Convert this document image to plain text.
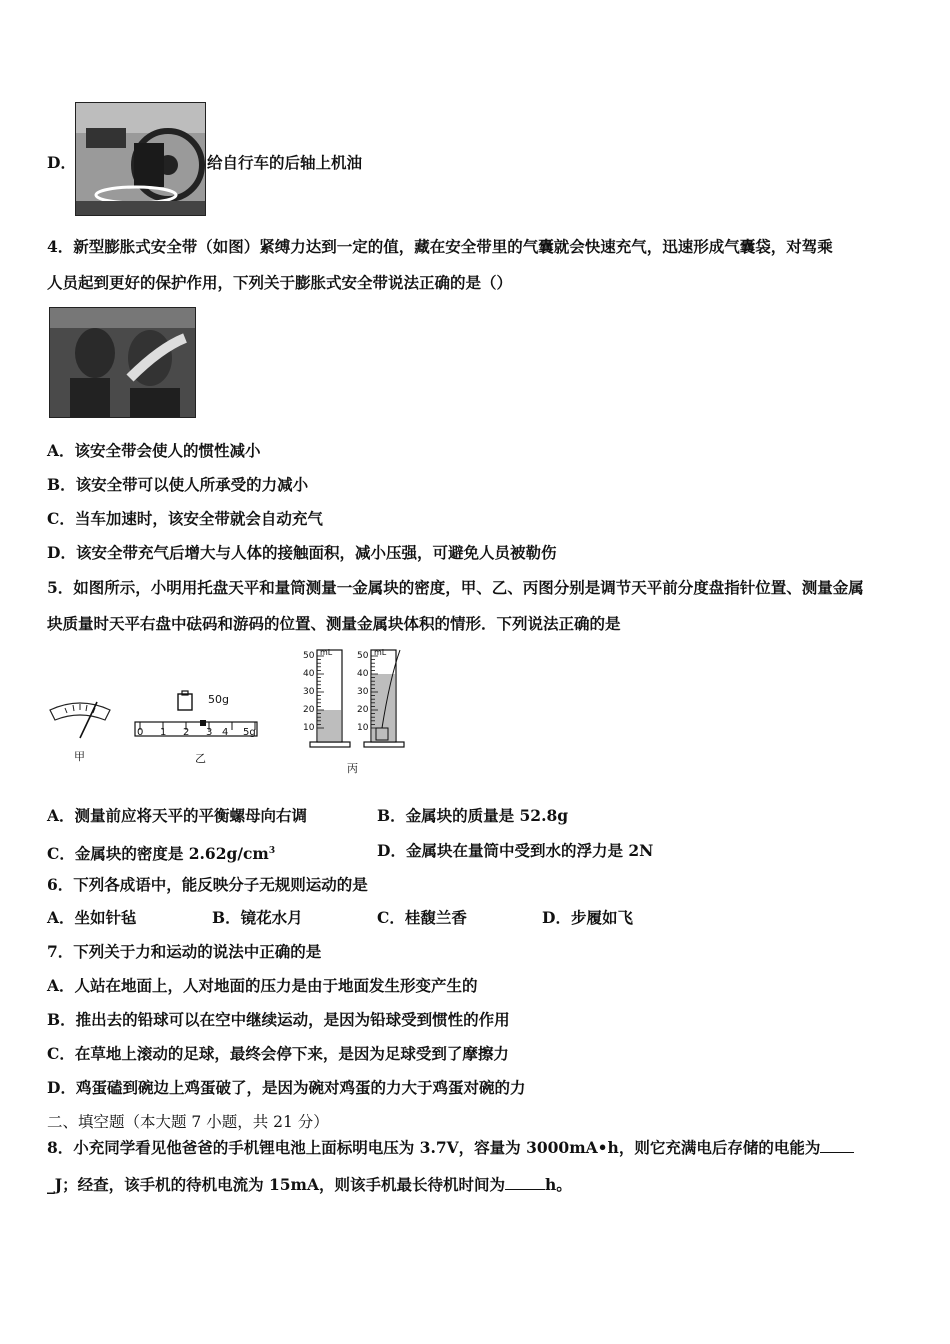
D．	给自行车的后轴上机油
4．新型膨胀式安全带（如图）紧缚力达到一定的值，藏在安全带里的气囊就会快速充气，迅速形成气囊袋，对驾乘
人员起到更好的保护作用，下列关于膨胀式安全带说法正确的是（）
A．该安全带会使人的惯性减小
B．该安全带可以使人所承受的力减小
C．当车加速时，该安全带就会自动充气
D．该安全带充气后增大与人体的接触面积，减小压强，可避免人员被勒伤
5．如图所示，小明用托盘天平和量筒测量一金属块的密度，甲、乙、丙图分别是调节天平前分度盘指针位置、测量金属
块质量时天平右盘中砝码和游码的位置、测量金属块体积的情形．下列说法正确的是
甲
50g
0 1 2 3 4 5g
乙
50
40
30
20
10
mL	50
40
30
20
10
mL
丙
A．测量前应将天平的平衡螺母向右调	B．金属块的质量是 52.8g
C．金属块的密度是 $2.62g/cm^3$	D．金属块在量筒中受到水的浮力是 2N
6．下列各成语中，能反映分子无规则运动的是
A．坐如针毡	B．镜花水月	C．桂馥兰香	D．步履如飞
7．下列关于力和运动的说法中正确的是
A．人站在地面上，人对地面的压力是由于地面发生形变产生的
B．推出去的铅球可以在空中继续运动，是因为铅球受到惯性的作用
C．在草地上滚动的足球，最终会停下来，是因为足球受到了摩擦力
D．鸡蛋磕到碗边上鸡蛋破了，是因为碗对鸡蛋的力大于鸡蛋对碗的力
二、填空题（本大题 7 小题，共 21 分）
8．小充同学看见他爸爸的手机锂电池上面标明电压为 3.7V，容量为 3000mA•h，则它充满电后存储的电能为
_J；经查，该手机的待机电流为 15mA，则该手机最长待机时间为	h。
